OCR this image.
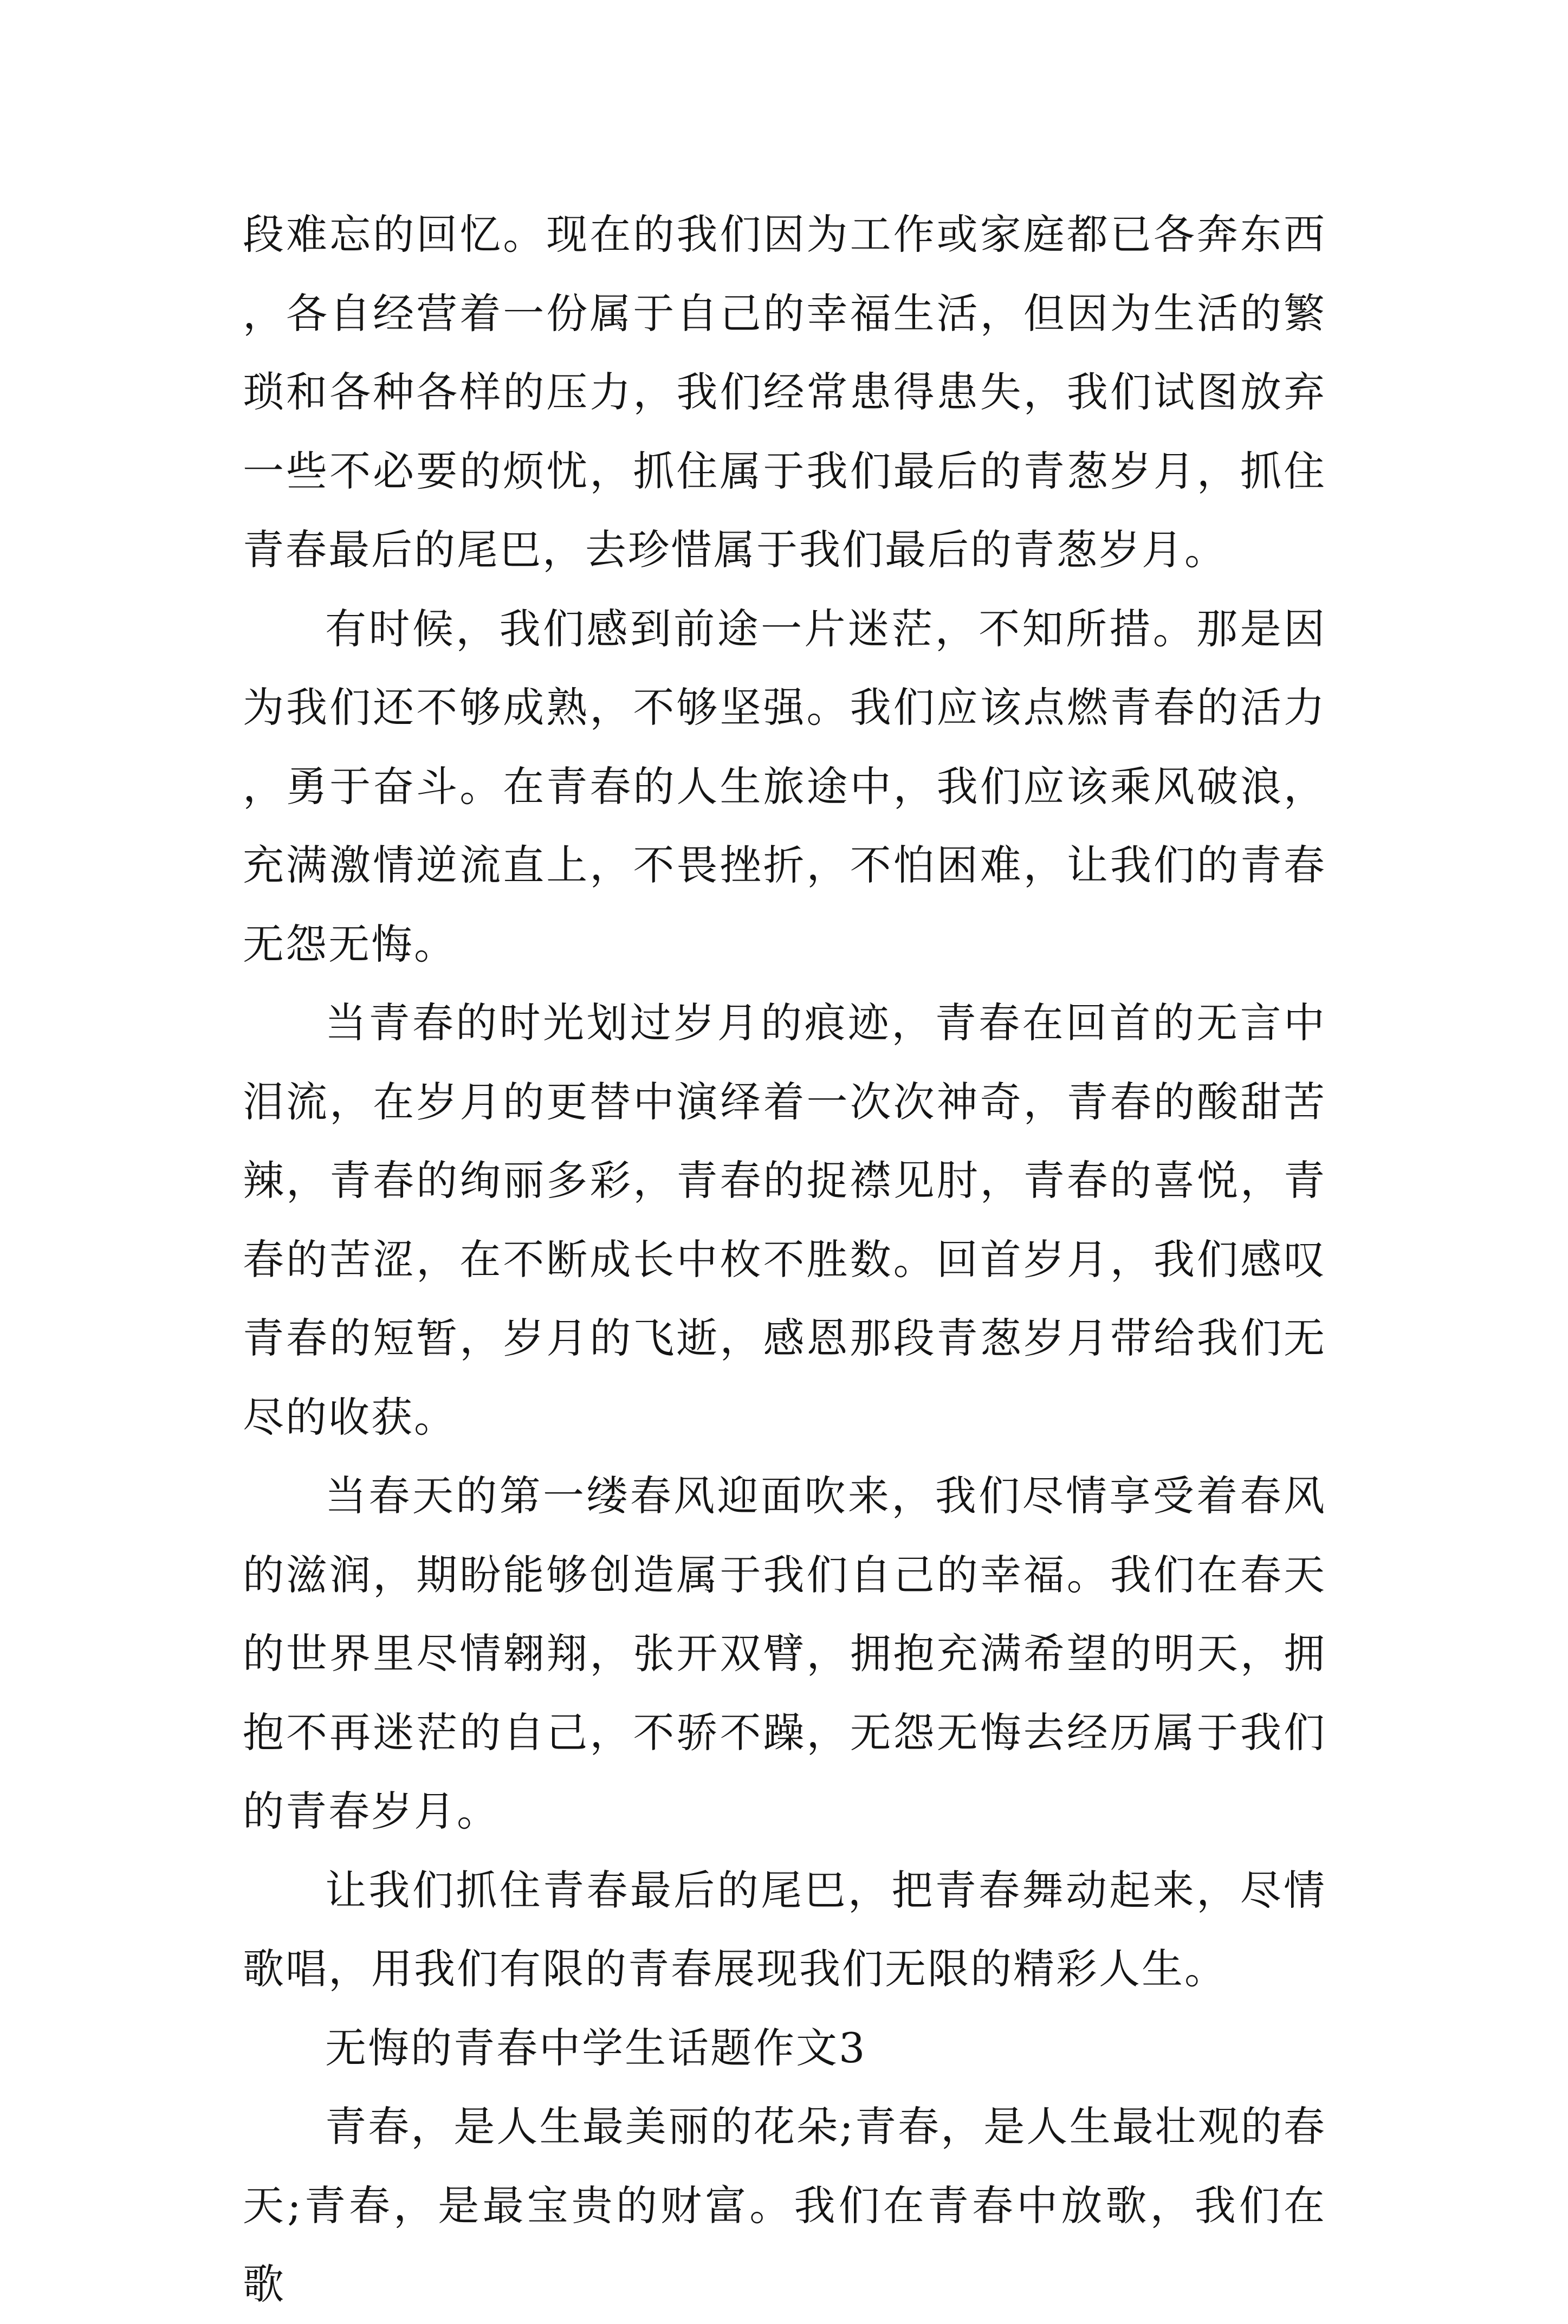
段难忘的回忆。现在的我们因为工作或家庭都已各奔东西，各自经营着一份属于自己的幸福生活，但因为生活的繁琐和各种各样的压力，我们经常患得患失，我们试图放弃一些不必要的烦忧，抓住属于我们最后的青葱岁月，抓住青春最后的尾巴，去珍惜属于我们最后的青葱岁月。

有时候，我们感到前途一片迷茫，不知所措。那是因为我们还不够成熟，不够坚强。我们应该点燃青春的活力，勇于奋斗。在青春的人生旅途中，我们应该乘风破浪，充满激情逆流直上，不畏挫折，不怕困难，让我们的青春无怨无悔。

当青春的时光划过岁月的痕迹，青春在回首的无言中泪流，在岁月的更替中演绎着一次次神奇，青春的酸甜苦辣，青春的绚丽多彩，青春的捉襟见肘，青春的喜悦，青春的苦涩，在不断成长中枚不胜数。回首岁月，我们感叹青春的短暂，岁月的飞逝，感恩那段青葱岁月带给我们无尽的收获。

当春天的第一缕春风迎面吹来，我们尽情享受着春风的滋润，期盼能够创造属于我们自己的幸福。我们在春天的世界里尽情翱翔，张开双臂，拥抱充满希望的明天，拥抱不再迷茫的自己，不骄不躁，无怨无悔去经历属于我们的青春岁月。

让我们抓住青春最后的尾巴，把青春舞动起来，尽情歌唱，用我们有限的青春展现我们无限的精彩人生。

无悔的青春中学生话题作文3

青春，是人生最美丽的花朵;青春，是人生最壮观的春天;青春，是最宝贵的财富。我们在青春中放歌，我们在歌
